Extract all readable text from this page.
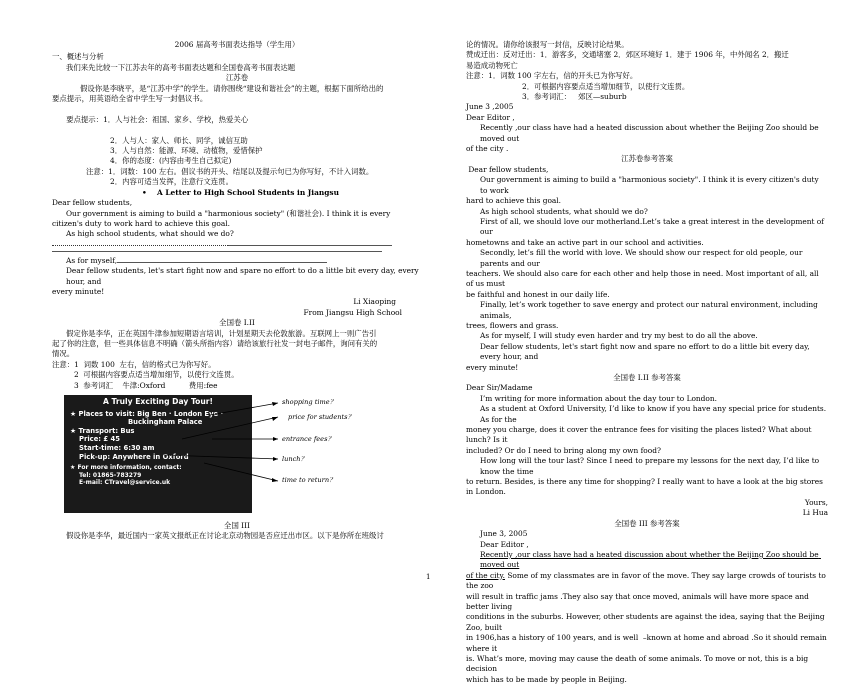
2006 届高考书面表达指导（学生用）

一、概述与分析

我们来先比较一下江苏去年的高考书面表达题和全国卷高考书面表达题

江苏卷

假设你是李晓平，是“江苏中学”的学生。请你围绕“建设和谐社会”的主题，根据下面所给出的

要点提示，用英语给全省中学生写一封倡议书。

要点提示：1．人与社会：祖国、家乡、学校，热爱关心

2．人与人：家人、师长、同学，诚信互助

3．人与自然：能源、环境、动植物，爱惜保护

4．你的态度：(内容由考生自己拟定)

注意：1．词数：100 左右。倡议书的开头、结尾以及提示句已为你写好，不计入词数。

2．内容可适当发挥，注意行文连贯。

•    A Letter to High School Students in Jiangsu

Dear fellow students,

Our government is aiming to build a "harmonious society" (和谐社会). I think it is every

citizen's duty to work hard to achieve this goal.

As high school students, what should we do?

As for myself,

Dear fellow students, let's start fight now and spare no effort to do a little bit every day, every hour, and

every minute!

Li Xiaoping

From Jiangsu High School

全国卷 I.II

假定你是李华，正在英国牛津参加短期语言培训，计划星期天去伦敦旅游。互联网上一则广告引

起了你的注意，但一些具体信息不明确（箭头所指内容）请给该旅行社发一封电子邮件，询问有关的

情况。

注意：1  词数 100  左右，信的格式已为你写好。

2  可根据内容要点适当增加细节，以使行文连贯。

3  参考词汇    牛津:Oxford          费用:fee

A Truly Exciting Day Tour!
★ Places to visit: Big Ben · London Eye ·
Buckingham Palace
★ Transport: Bus
Price: £ 45
Start-time: 6:30 am
Pick-up: Anywhere in Oxford
★ For more information, contact:
Tel: 01865-783279
E-mail: CTravel@service.uk
shopping time？
price for students？
entrance fees？
lunch？
time to return？

全国 III

假设你是李华，最近国内一家英文报纸正在讨论北京动物园是否应迁出市区。以下是你所在班级讨

论的情况。请你给该报写一封信，反映讨论结果。

赞成迁出：反对迁出：1．游客多，交通堵塞 2．郊区环境好 1．建于 1906 年，中外闻名 2．搬迁

易造成动物死亡

注意：1．词数 100 字左右，信的开头已为你写好。

2．可根据内容要点适当增加细节，以使行文连贯。

3．参考词汇：   郊区—suburb

June 3 ,2005

Dear Editor ,

Recently ,our class have had a heated discussion about whether the Beijing Zoo should be moved out

of the city .

江苏卷参考答案

Dear fellow students,

Our government is aiming to build a "harmonious society". I think it is every citizen's duty to work

hard to achieve this goal.

As high school students, what should we do?

First of all, we should love our motherland.Let’s take a great interest in the development of our

hometowns and take an active part in our school and activities.

Secondly, let’s fill the world with love. We should show our respect for old people, our parents and our

teachers. We should also care for each other and help those in need. Most important of all, all of us must

be faithful and honest in our daily life.

Finally, let’s work together to save energy and protect our natural environment, including animals,

trees, flowers and grass.

As for myself, I will study even harder and try my best to do all the above.

Dear fellow students, let's start fight now and spare no effort to do a little bit every day, every hour, and

every minute!

全国卷 I.II 参考答案

Dear Sir/Madame

I’m writing for more information about the day tour to London.

As a student at Oxford University, I’d like to know if you have any special price for students. As for the

money you charge, does it cover the entrance fees for visiting the places listed? What about lunch? Is it

included? Or do I need to bring along my own food?

How long will the tour last? Since I need to prepare my lessons for the next day, I’d like to know the time

to return. Besides, is there any time for shopping? I really want to have a look at the big stores in London.

Yours,

Li Hua

全国卷 III 参考答案

June 3, 2005

Dear Editor ,

Recently ,our class have had a heated discussion about whether the Beijing Zoo should be moved out

of the city. Some of my classmates are in favor of the move. They say large crowds of tourists to the zoo

will result in traffic jams .They also say that once moved, animals will have more space and better living

conditions in the suburbs. However, other students are against the idea, saying that the Beijing Zoo, built

in 1906,has a history of 100 years, and is well  –known at home and abroad .So it should remain where it

is. What’s more, moving may cause the death of some animals. To move or not, this is a big decision

which has to be made by people in Beijing.

1
